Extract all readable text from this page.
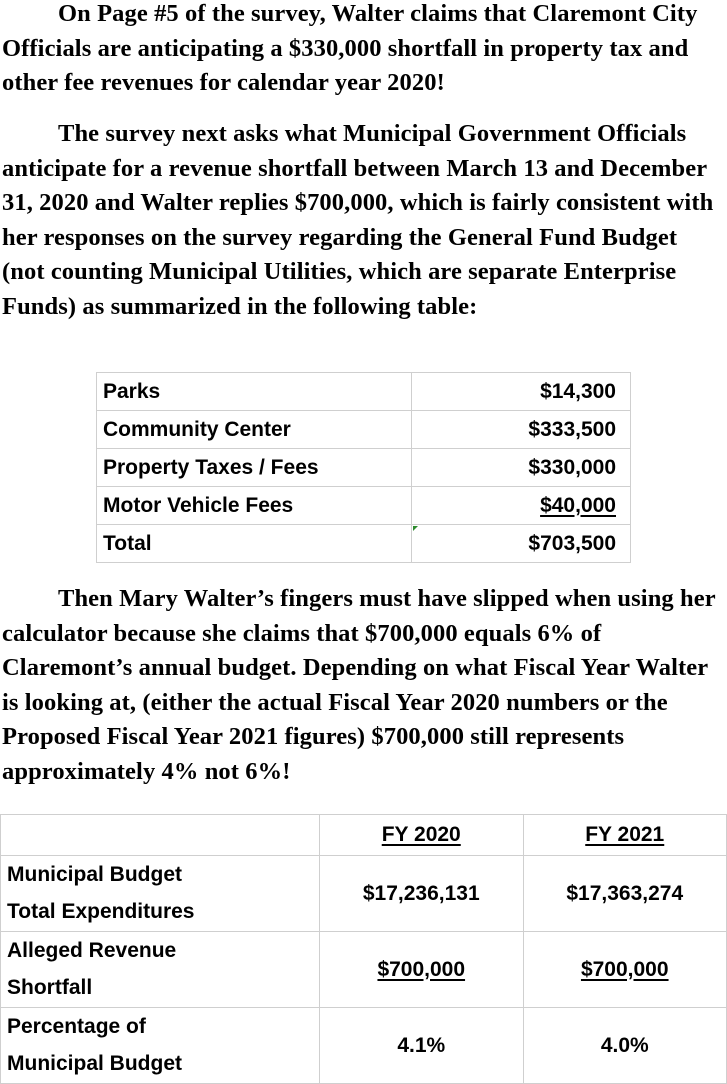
On Page #5 of the survey, Walter claims that Claremont City Officials are anticipating a $330,000 shortfall in property tax and other fee revenues for calendar year 2020!

The survey next asks what Municipal Government Officials anticipate for a revenue shortfall between March 13 and December 31, 2020 and Walter replies $700,000, which is fairly consistent with her responses on the survey regarding the General Fund Budget (not counting Municipal Utilities, which are separate Enterprise Funds) as summarized in the following table:

Parks	$14,300
Community Center	$333,500
Property Taxes / Fees	$330,000
Motor Vehicle Fees	$40,000
Total	$703,500

Then Mary Walter’s fingers must have slipped when using her calculator because she claims that $700,000 equals 6% of Claremont’s annual budget. Depending on what Fiscal Year Walter is looking at, (either the actual Fiscal Year 2020 numbers or the Proposed Fiscal Year 2021 figures) $700,000 still represents approximately 4% not 6%!

	FY 2020	FY 2021

Municipal Budget
Total Expenditures	$17,236,131	$17,363,274

Alleged Revenue
Shortfall	$700,000	$700,000

Percentage of
Municipal Budget	4.1%	4.0%
